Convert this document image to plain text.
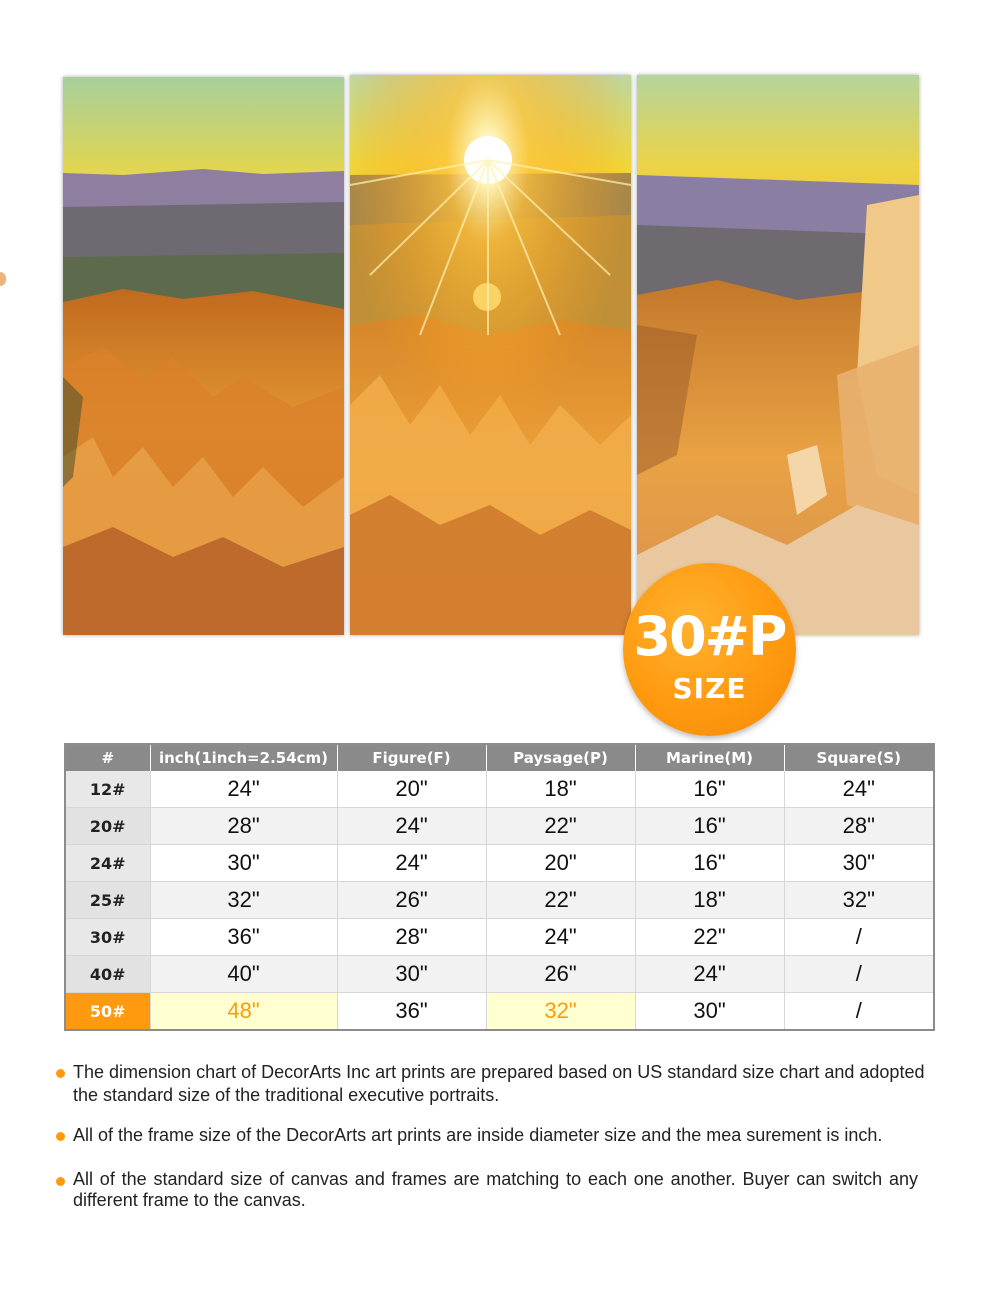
30#P
SIZE
#	inch(1inch=2.54cm)	Figure(F)	Paysage(P)	Marine(M)	Square(S)
12#	24"	20"	18"	16"	24"
20#	28"	24"	22"	16"	28"
24#	30"	24"	20"	16"	30"
25#	32"	26"	22"	18"	32"
30#	36"	28"	24"	22"	/
40#	40"	30"	26"	24"	/
50#	48"	36"	32"	30"	/
The dimension chart of DecorArts Inc art prints are prepared based on US standard size chart and adopted the standard size of the traditional executive portraits.
All of the frame size of the DecorArts art prints are inside diameter size and the mea surement is inch.
All of the standard size of canvas and frames are matching to each one another. Buyer can switch any different frame to the canvas.
